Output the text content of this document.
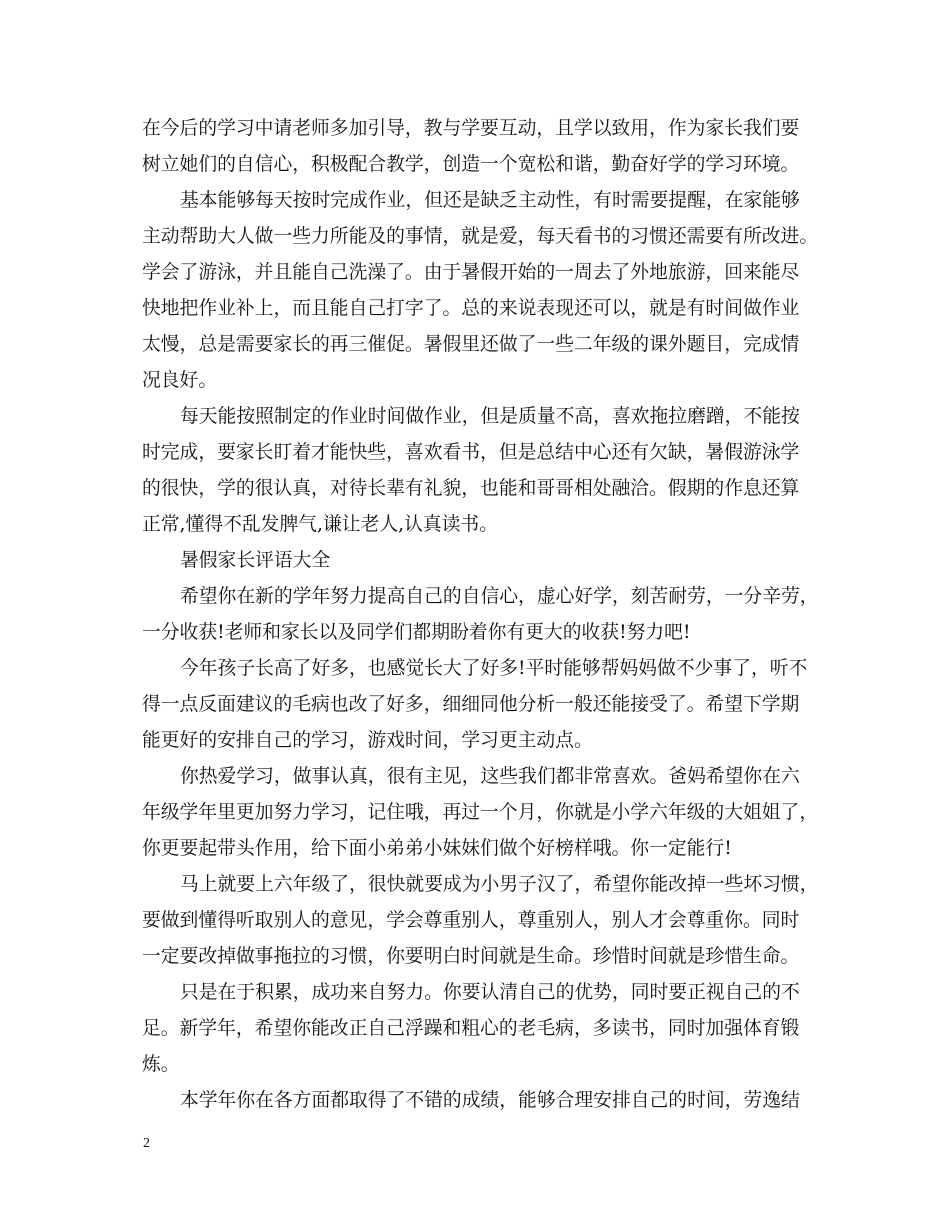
在今后的学习中请老师多加引导，教与学要互动，且学以致用，作为家长我们要
树立她们的自信心，积极配合教学，创造一个宽松和谐，勤奋好学的学习环境。
基本能够每天按时完成作业，但还是缺乏主动性，有时需要提醒，在家能够
主动帮助大人做一些力所能及的事情，就是爱，每天看书的习惯还需要有所改进。
学会了游泳，并且能自己洗澡了。由于暑假开始的一周去了外地旅游，回来能尽
快地把作业补上，而且能自己打字了。总的来说表现还可以，就是有时间做作业
太慢，总是需要家长的再三催促。暑假里还做了一些二年级的课外题目，完成情
况良好。
每天能按照制定的作业时间做作业，但是质量不高，喜欢拖拉磨蹭，不能按
时完成，要家长盯着才能快些，喜欢看书，但是总结中心还有欠缺，暑假游泳学
的很快，学的很认真，对待长辈有礼貌，也能和哥哥相处融洽。假期的作息还算
正常,懂得不乱发脾气,谦让老人,认真读书。
暑假家长评语大全
希望你在新的学年努力提高自己的自信心，虚心好学，刻苦耐劳，一分辛劳，
一分收获!老师和家长以及同学们都期盼着你有更大的收获!努力吧!
今年孩子长高了好多，也感觉长大了好多!平时能够帮妈妈做不少事了，听不
得一点反面建议的毛病也改了好多，细细同他分析一般还能接受了。希望下学期
能更好的安排自己的学习，游戏时间，学习更主动点。
你热爱学习，做事认真，很有主见，这些我们都非常喜欢。爸妈希望你在六
年级学年里更加努力学习，记住哦，再过一个月，你就是小学六年级的大姐姐了，
你更要起带头作用，给下面小弟弟小妹妹们做个好榜样哦。你一定能行!
马上就要上六年级了，很快就要成为小男子汉了，希望你能改掉一些坏习惯，
要做到懂得听取别人的意见，学会尊重别人，尊重别人，别人才会尊重你。同时
一定要改掉做事拖拉的习惯，你要明白时间就是生命。珍惜时间就是珍惜生命。
只是在于积累，成功来自努力。你要认清自己的优势，同时要正视自己的不
足。新学年，希望你能改正自己浮躁和粗心的老毛病，多读书，同时加强体育锻
炼。
本学年你在各方面都取得了不错的成绩，能够合理安排自己的时间，劳逸结
2
